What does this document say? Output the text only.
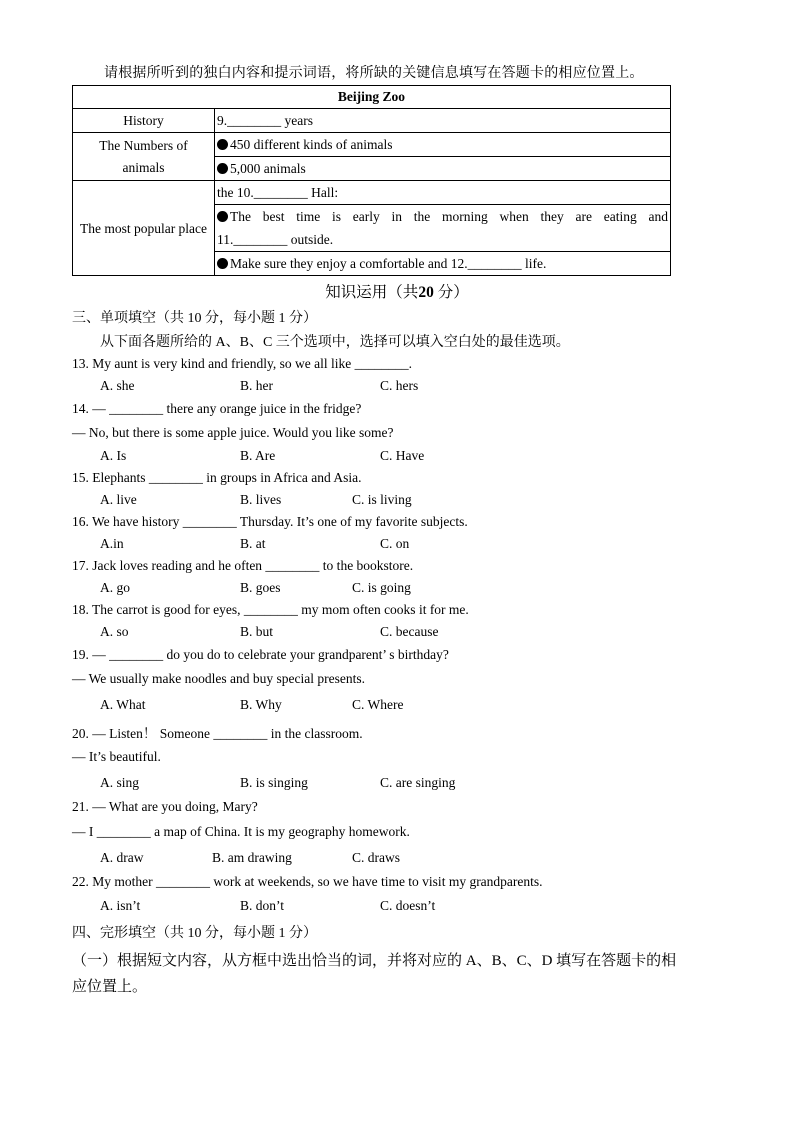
请根据所听到的独白内容和提示词语，将所缺的关键信息填写在答题卡的相应位置上。
Beijing Zoo	
History	9.________ years
The Numbers of animals	450 different kinds of animals
5,000 animals

The most popular place	the 10.________ Hall:
The best time is early in the morning when they are eating and
11.________ outside.
Make sure they enjoy a comfortable and 12.________ life.
知识运用（共20 分）
三、单项填空（共 10 分，每小题 1 分）
从下面各题所给的 A、B、C 三个选项中，选择可以填入空白处的最佳选项。
13. My aunt is very kind and friendly, so we all like ________.
A. she	B. her	C. hers
14. — ________ there any orange juice in the fridge?
— No, but there is some apple juice. Would you like some?
A. Is	B. Are	C. Have
15. Elephants ________ in groups in Africa and Asia.
A. live	B. lives	C. is living
16. We have history ________ Thursday. It’s one of my favorite subjects.
A.in	B. at	C. on
17. Jack loves reading and he often ________ to the bookstore.
A. go	B. goes	C. is going
18. The carrot is good for eyes, ________ my mom often cooks it for me.
A. so	B. but	C. because
19. — ________ do you do to celebrate your grandparent’ s birthday?
— We usually make noodles and buy special presents.
A. What	B. Why	C. Where
20. — Listen！ Someone ________ in the classroom.
— It’s beautiful.
A. sing	B. is singing	C. are singing
21. — What are you doing, Mary?
— I ________ a map of China. It is my geography homework.
A. draw	B. am drawing	C. draws
22. My mother ________ work at weekends, so we have time to visit my grandparents.
A. isn’t	B. don’t	C. doesn’t
四、完形填空（共 10 分，每小题 1 分）
（一）根据短文内容，从方框中选出恰当的词，并将对应的 A、B、C、D 填写在答题卡的相
应位置上。
